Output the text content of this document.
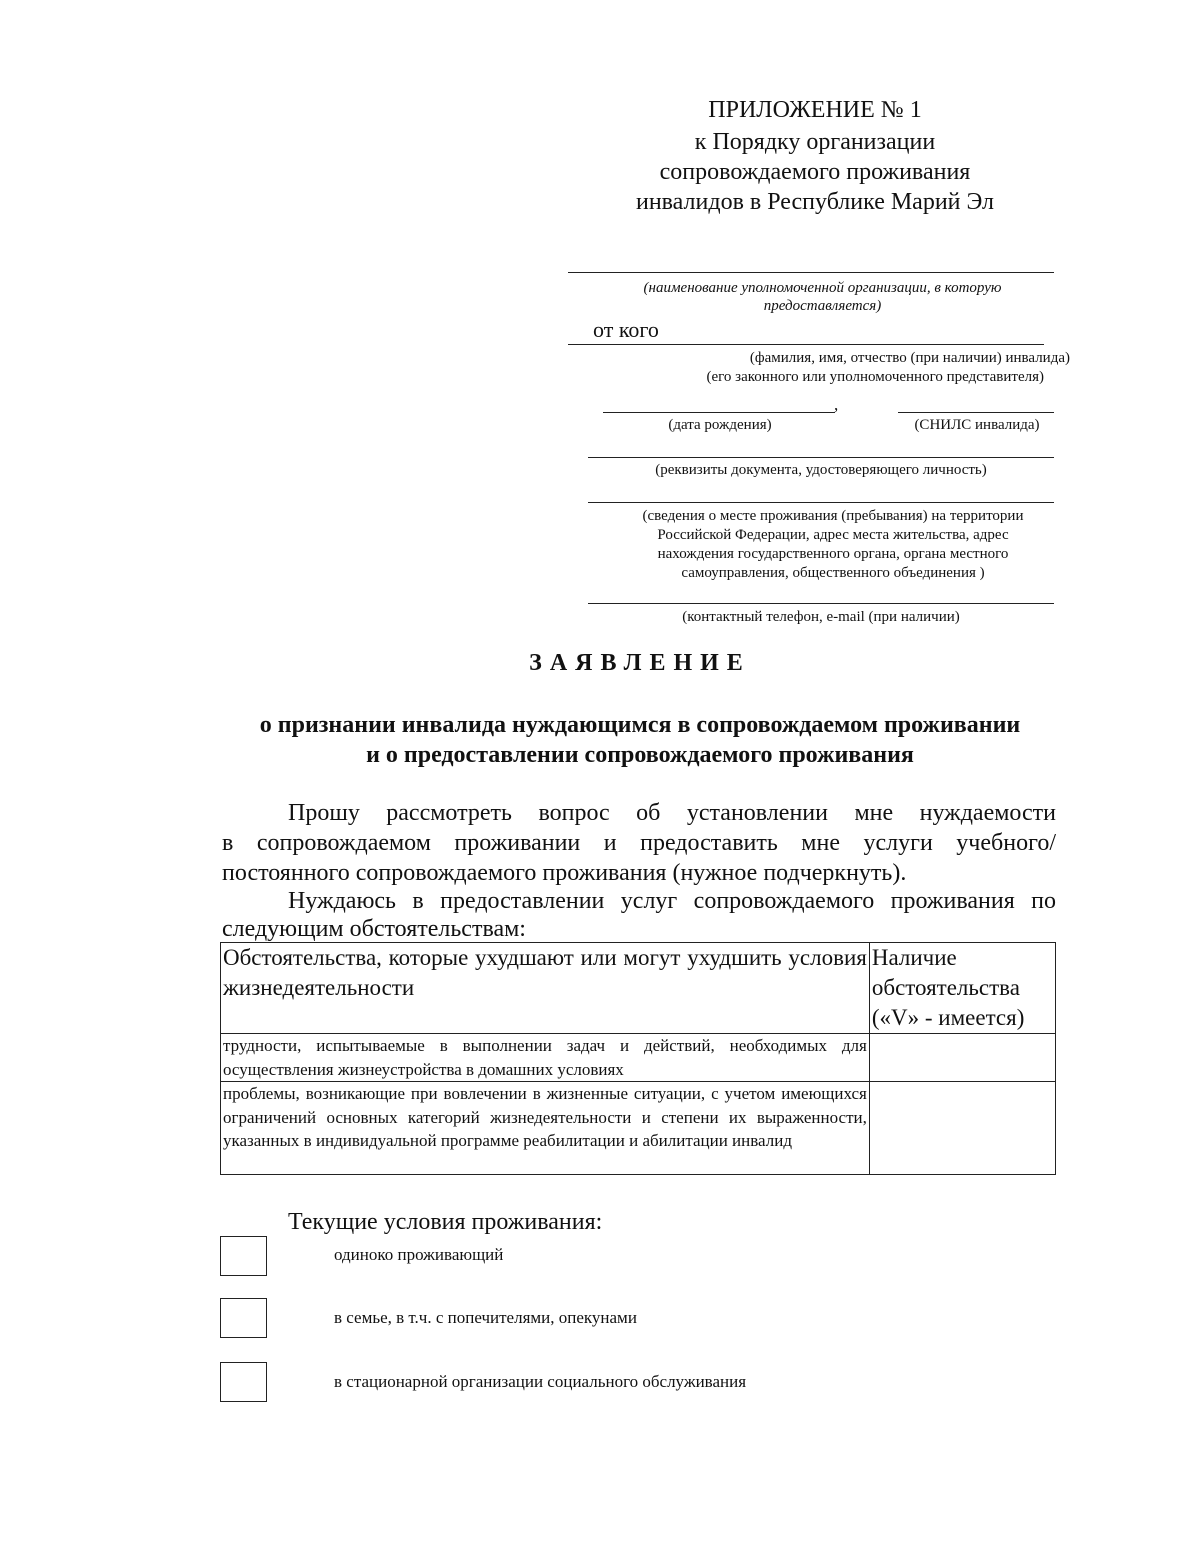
ПРИЛОЖЕНИЕ № 1
к Порядку организации
сопровождаемого проживания
инвалидов в Республике Марий Эл
(наименование уполномоченной организации, в которую
предоставляется)
от кого
(фамилия, имя, отчество (при наличии) инвалида)
(его законного или уполномоченного представителя)
,
(дата рождения)	(СНИЛС инвалида)
(реквизиты документа, удостоверяющего личность)
(сведения о месте проживания (пребывания) на территории
Российской Федерации, адрес места жительства, адрес
нахождения государственного органа, органа местного
самоуправления, общественного объединения )
(контактный телефон, e-mail (при наличии)
ЗАЯВЛЕНИЕ
о признании инвалида нуждающимся в сопровождаемом проживании
и о предоставлении сопровождаемого проживания
Прошу рассмотреть вопрос об установлении мне нуждаемости
в сопровождаемом проживании и предоставить мне услуги учебного/
постоянного сопровождаемого проживания (нужное подчеркнуть).
Нуждаюсь в предоставлении услуг сопровождаемого проживания по
следующим обстоятельствам:
Обстоятельства, которые ухудшают или могут ухудшить условия жизнедеятельности	Наличие обстоятельства («V» - имеется)
трудности, испытываемые в выполнении задач и действий, необходимых для осуществления жизнеустройства в домашних условиях	
проблемы, возникающие при вовлечении в жизненные ситуации, с учетом имеющихся ограничений основных категорий жизнедеятельности и степени их выраженности, указанных в индивидуальной программе реабилитации и абилитации инвалид	
Текущие условия проживания:
одиноко проживающий
в семье, в т.ч. с попечителями, опекунами
в стационарной организации социального обслуживания
